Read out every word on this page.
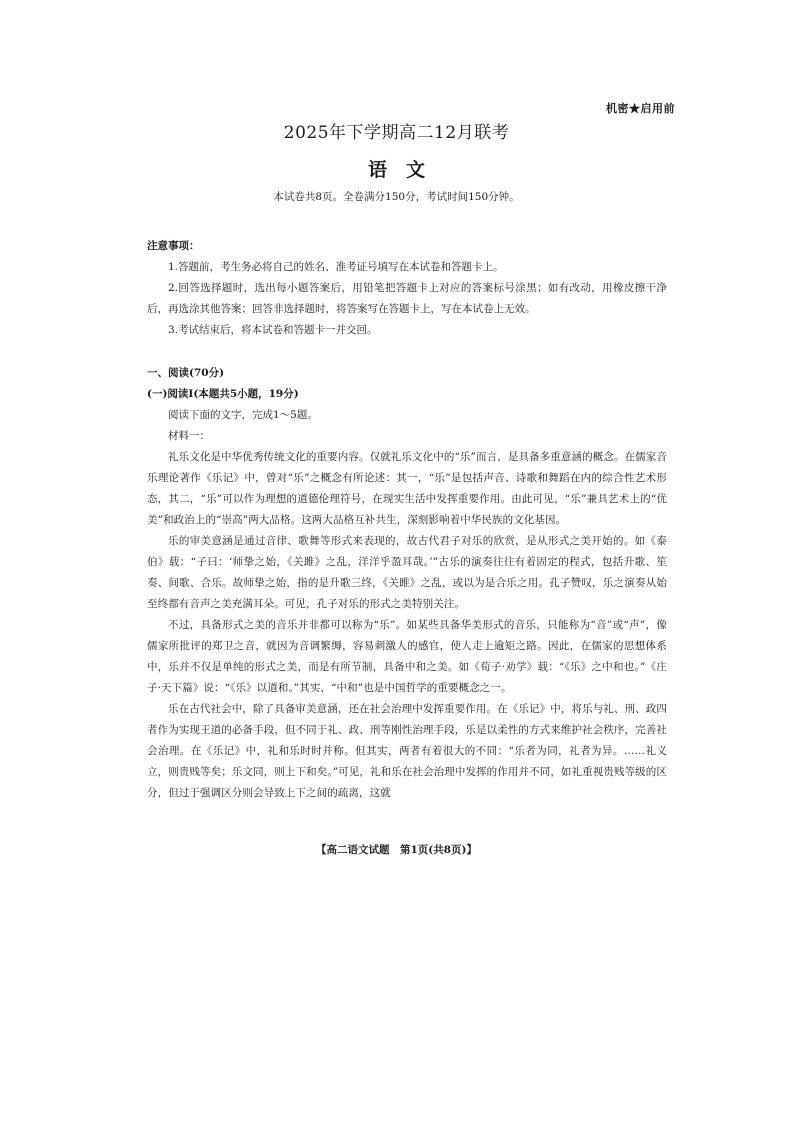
机密★启用前
2025年下学期高二12月联考
语　文
本试卷共8页。全卷满分150分，考试时间150分钟。

注意事项：

1.答题前，考生务必将自己的姓名、准考证号填写在本试卷和答题卡上。

2.回答选择题时，选出每小题答案后，用铅笔把答题卡上对应的答案标号涂黑；如有改动，用橡皮擦干净后，再选涂其他答案；回答非选择题时，将答案写在答题卡上，写在本试卷上无效。

3.考试结束后，将本试卷和答题卡一并交回。

一、阅读(70分)

(一)阅读Ⅰ(本题共5小题，19分)

阅读下面的文字，完成1～5题。

材料一：

礼乐文化是中华优秀传统文化的重要内容。仅就礼乐文化中的“乐”而言，是具备多重意涵的概念。在儒家音乐理论著作《乐记》中，曾对“乐”之概念有所论述：其一，“乐”是包括声音、诗歌和舞蹈在内的综合性艺术形态，其二，“乐”可以作为理想的道德伦理符号，在现实生活中发挥重要作用。由此可见，“乐”兼具艺术上的“优美”和政治上的“崇高”两大品格。这两大品格互补共生，深刻影响着中华民族的文化基因。

乐的审美意涵是通过音律、歌舞等形式来表现的，故古代君子对乐的欣赏，是从形式之美开始的。如《泰伯》载：“子曰：‘师挚之始，《关雎》之乱，洋洋乎盈耳哉。’”古乐的演奏往往有着固定的程式，包括升歌、笙奏、间歌、合乐。故师挚之始，指的是升歌三终，《关雎》之乱，或以为是合乐之用。孔子赞叹，乐之演奏从始至终都有音声之美充满耳朵。可见，孔子对乐的形式之美特别关注。

不过，具备形式之美的音乐并非都可以称为“乐”。如某些具备华美形式的音乐，只能称为“音”或“声”，像儒家所批评的郑卫之音，就因为音调繁缛，容易刺激人的感官，使人走上逾矩之路。因此，在儒家的思想体系中，乐并不仅是单纯的形式之美，而是有所节制，具备中和之美。如《荀子·劝学》载：“《乐》之中和也。”《庄子·天下篇》说：“《乐》以道和。”其实，“中和”也是中国哲学的重要概念之一。

乐在古代社会中，除了具备审美意涵，还在社会治理中发挥重要作用。在《乐记》中，将乐与礼、刑、政四者作为实现王道的必备手段，但不同于礼、政、刑等刚性治理手段，乐是以柔性的方式来维护社会秩序，完善社会治理。在《乐记》中，礼和乐时时并称。但其实，两者有着很大的不同：“乐者为同，礼者为异。……礼义立，则贵贱等矣；乐文同，则上下和矣。”可见，礼和乐在社会治理中发挥的作用并不同，如礼重视贵贱等级的区分，但过于强调区分则会导致上下之间的疏离，这就

【高二语文试题　第1页(共8页)】
